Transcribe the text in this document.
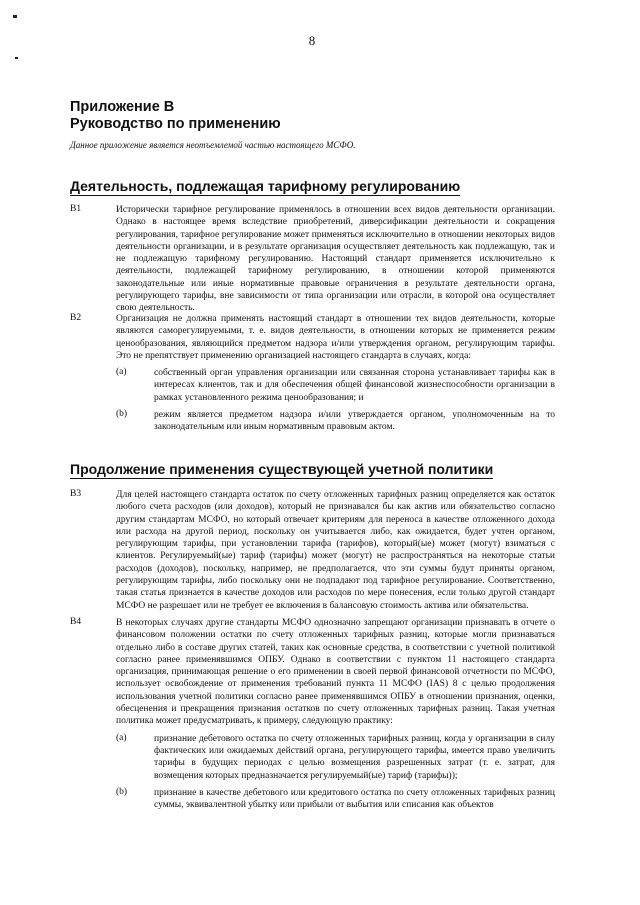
8
Приложение В
Руководство по применению
Данное приложение является неотъемлемой частью настоящего МСФО.
Деятельность, подлежащая тарифному регулированию
B1	Исторически тарифное регулирование применялось в отношении всех видов деятельности организации. Однако в настоящее время вследствие приобретений, диверсификации деятельности и сокращения регулирования, тарифное регулирование может применяться исключительно в отношении некоторых видов деятельности организации, и в результате организация осуществляет деятельность как подлежащую, так и не подлежащую тарифному регулированию. Настоящий стандарт применяется исключительно к деятельности, подлежащей тарифному регулированию, в отношении которой применяются законодательные или иные нормативные правовые ограничения в результате деятельности органа, регулирующего тарифы, вне зависимости от типа организации или отрасли, в которой она осуществляет свою деятельность.
B2	Организация не должна применять настоящий стандарт в отношении тех видов деятельности, которые являются саморегулируемыми, т. е. видов деятельности, в отношении которых не применяется режим ценообразования, являющийся предметом надзора и/или утверждения органом, регулирующим тарифы. Это не препятствует применению организацией настоящего стандарта в случаях, когда:
(a)	собственный орган управления организации или связанная сторона устанавливает тарифы как в интересах клиентов, так и для обеспечения общей финансовой жизнеспособности организации в рамках установленного режима ценообразования; и
(b)	режим является предметом надзора и/или утверждается органом, уполномоченным на то законодательным или иным нормативным правовым актом.
Продолжение применения существующей учетной политики
B3	Для целей настоящего стандарта остаток по счету отложенных тарифных разниц определяется как остаток любого счета расходов (или доходов), который не признавался бы как актив или обязательство согласно другим стандартам МСФО, но который отвечает критериям для переноса в качестве отложенного дохода или расхода на другой период, поскольку он учитывается либо, как ожидается, будет учтен органом, регулирующим тарифы, при установлении тарифа (тарифов), который(ые) может (могут) взиматься с клиентов. Регулируемый(ые) тариф (тарифы) может (могут) не распространяться на некоторые статьи расходов (доходов), поскольку, например, не предполагается, что эти суммы будут приняты органом, регулирующим тарифы, либо поскольку они не подпадают под тарифное регулирование. Соответственно, такая статья признается в качестве доходов или расходов по мере понесения, если только другой стандарт МСФО не разрешает или не требует ее включения в балансовую стоимость актива или обязательства.
B4	В некоторых случаях другие стандарты МСФО однозначно запрещают организации признавать в отчете о финансовом положении остатки по счету отложенных тарифных разниц, которые могли признаваться отдельно либо в составе других статей, таких как основные средства, в соответствии с учетной политикой согласно ранее применявшимся ОПБУ. Однако в соответствии с пунктом 11 настоящего стандарта организация, принимающая решение о его применении в своей первой финансовой отчетности по МСФО, использует освобождение от применения требований пункта 11 МСФО (IAS) 8 с целью продолжения использования учетной политики согласно ранее применявшимся ОПБУ в отношении признания, оценки, обесценения и прекращения признания остатков по счету отложенных тарифных разниц. Такая учетная политика может предусматривать, к примеру, следующую практику:
(a)	признание дебетового остатка по счету отложенных тарифных разниц, когда у организации в силу фактических или ожидаемых действий органа, регулирующего тарифы, имеется право увеличить тарифы в будущих периодах с целью возмещения разрешенных затрат (т. е. затрат, для возмещения которых предназначается регулируемый(ые) тариф (тарифы));
(b)	признание в качестве дебетового или кредитового остатка по счету отложенных тарифных разниц суммы, эквивалентной убытку или прибыли от выбытия или списания как объектов
